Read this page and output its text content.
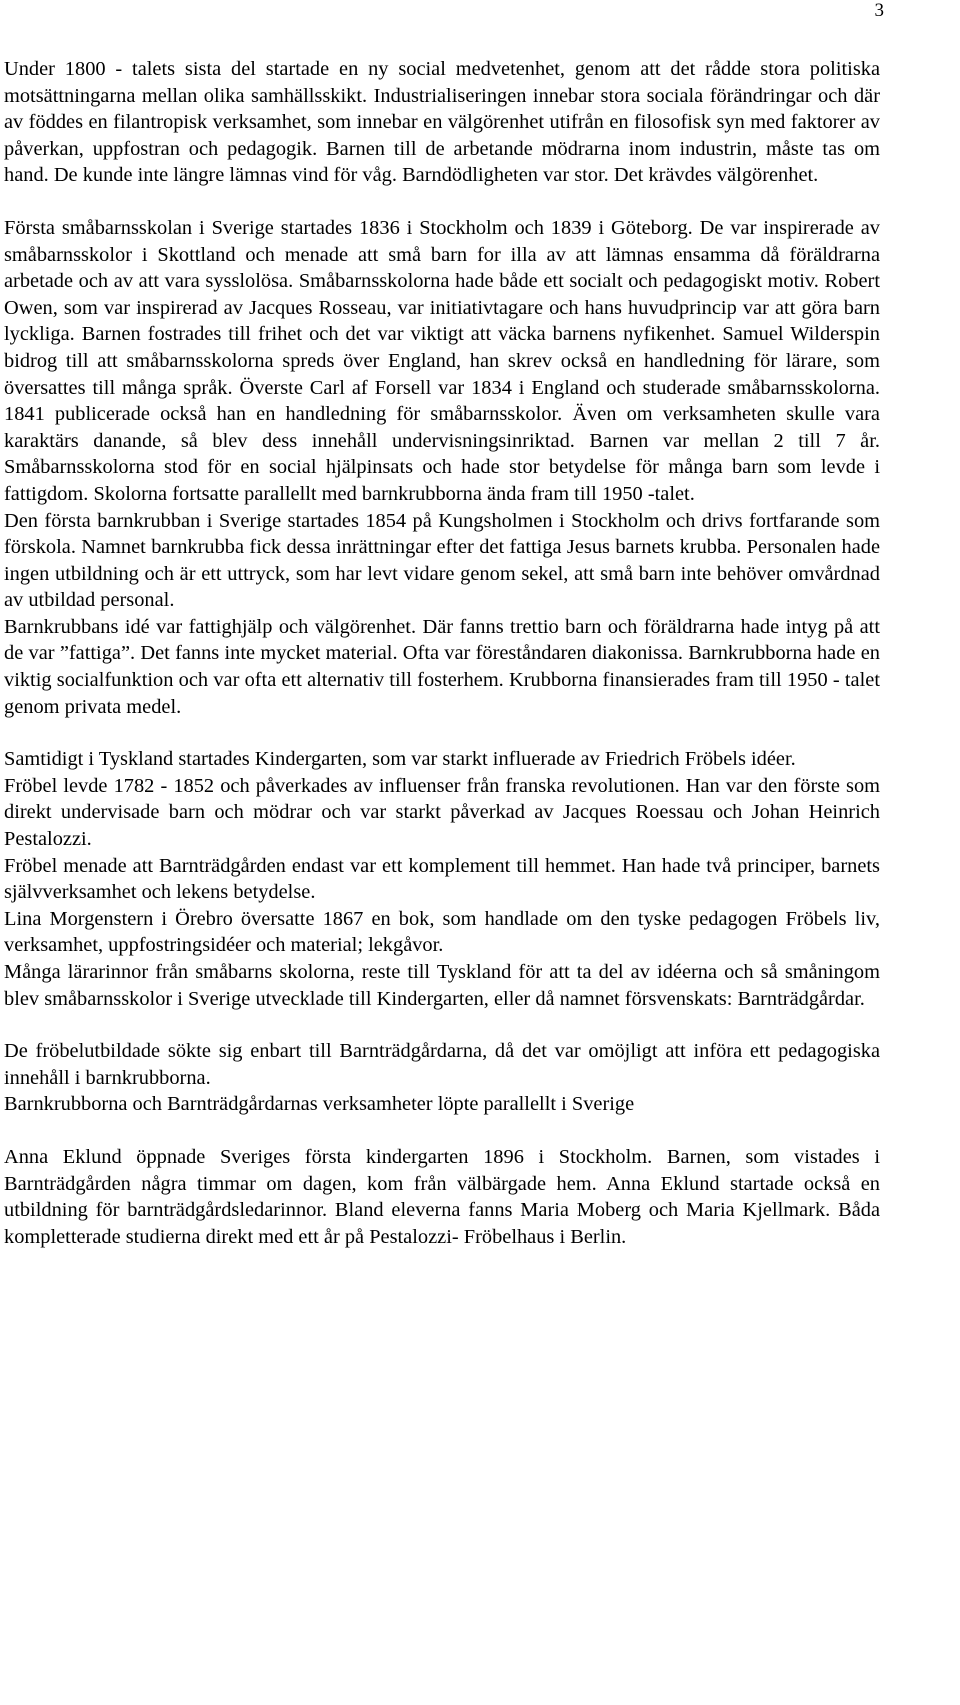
3

Under 1800 - talets sista del startade en ny social medvetenhet, genom att det rådde stora politiska motsättningarna mellan olika samhällsskikt. Industrialiseringen innebar stora sociala förändringar och där av föddes en filantropisk verksamhet, som innebar en välgörenhet utifrån en filosofisk syn med faktorer av påverkan, uppfostran och pedagogik. Barnen till de arbetande mödrarna inom industrin, måste tas om hand. De kunde inte längre lämnas vind för våg. Barndödligheten var stor. Det krävdes välgörenhet.

Första småbarnsskolan i Sverige startades 1836 i Stockholm och 1839 i Göteborg. De var inspirerade av småbarnsskolor i Skottland och menade att små barn for illa av att lämnas ensamma då föräldrarna arbetade och av att vara sysslolösa. Småbarnsskolorna hade både ett socialt och pedagogiskt motiv. Robert Owen, som var inspirerad av Jacques Rosseau, var initiativtagare och hans huvudprincip var att göra barn lyckliga. Barnen fostrades till frihet och det var viktigt att väcka barnens nyfikenhet. Samuel Wilderspin bidrog till att småbarnsskolorna spreds över England, han skrev också en handledning för lärare, som översattes till många språk. Överste Carl af Forsell var 1834 i England och studerade småbarnsskolorna. 1841 publicerade också han en handledning för småbarnsskolor. Även om verksamheten skulle vara karaktärs danande, så blev dess innehåll undervisningsinriktad. Barnen var mellan 2 till 7 år. Småbarnsskolorna stod för en social hjälpinsats och hade stor betydelse för många barn som levde i fattigdom. Skolorna fortsatte parallellt med barnkrubborna ända fram till 1950 -talet.

Den första barnkrubban i Sverige startades 1854 på Kungsholmen i Stockholm och drivs fortfarande som förskola. Namnet barnkrubba fick dessa inrättningar efter det fattiga Jesus barnets krubba. Personalen hade ingen utbildning och är ett uttryck, som har levt vidare genom sekel, att små barn inte behöver omvårdnad av utbildad personal.

Barnkrubbans idé var fattighjälp och välgörenhet. Där fanns trettio barn och föräldrarna hade intyg på att de var ”fattiga”. Det fanns inte mycket material. Ofta var föreståndaren diakonissa. Barnkrubborna hade en viktig socialfunktion och var ofta ett alternativ till fosterhem. Krubborna finansierades fram till 1950 - talet genom privata medel.

Samtidigt i Tyskland startades Kindergarten, som var starkt influerade av Friedrich Fröbels idéer.

Fröbel levde 1782 - 1852 och påverkades av influenser från franska revolutionen. Han var den förste som direkt undervisade barn och mödrar och var starkt påverkad av Jacques Roessau och Johan Heinrich Pestalozzi.

Fröbel menade att Barnträdgården endast var ett komplement till hemmet. Han hade två principer, barnets självverksamhet och lekens betydelse.

Lina Morgenstern i Örebro översatte 1867 en bok, som handlade om den tyske pedagogen Fröbels liv, verksamhet, uppfostringsidéer och material; lekgåvor.

Många lärarinnor från småbarns skolorna, reste till Tyskland för att ta del av idéerna och så småningom blev småbarnsskolor i Sverige utvecklade till Kindergarten, eller då namnet försvenskats: Barnträdgårdar.

De fröbelutbildade sökte sig enbart till Barnträdgårdarna, då det var omöjligt att införa ett pedagogiska innehåll i barnkrubborna.

Barnkrubborna och Barnträdgårdarnas verksamheter löpte parallellt i Sverige

Anna Eklund öppnade Sveriges första kindergarten 1896 i Stockholm. Barnen, som vistades i Barnträdgården några timmar om dagen, kom från välbärgade hem. Anna Eklund startade också en utbildning för barnträdgårdsledarinnor. Bland eleverna fanns Maria Moberg och Maria Kjellmark. Båda kompletterade studierna direkt med ett år på Pestalozzi- Fröbelhaus i Berlin.
